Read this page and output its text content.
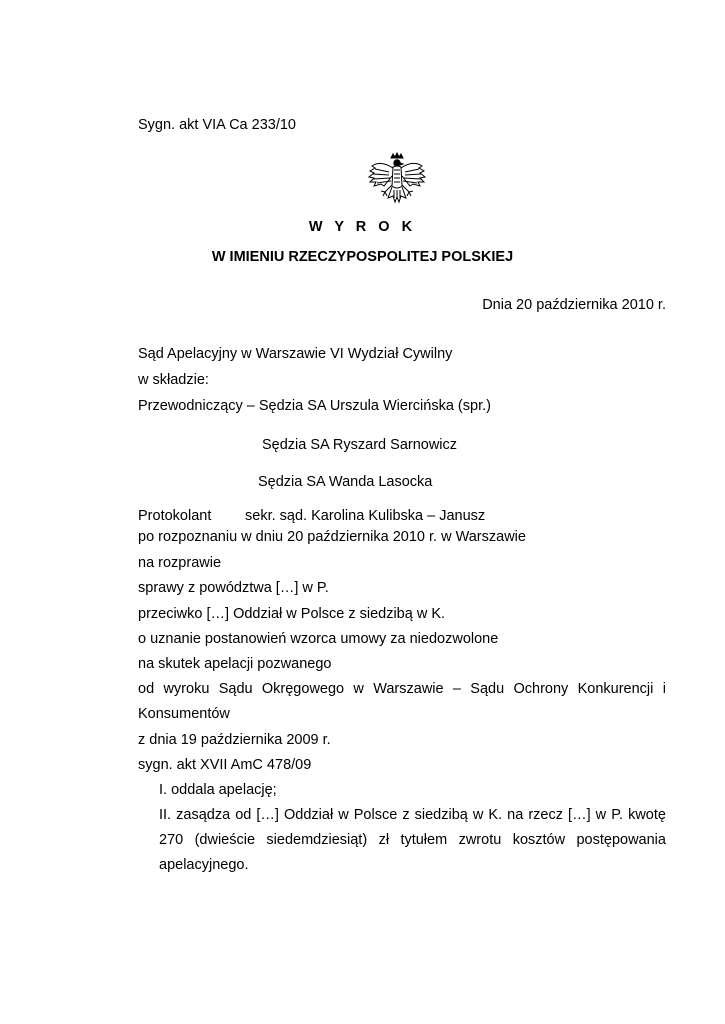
Sygn. akt VIA Ca 233/10
W Y R O K
W IMIENIU RZECZYPOSPOLITEJ POLSKIEJ
Dnia 20 października 2010 r.
Sąd Apelacyjny w Warszawie VI Wydział Cywilny
w składzie:
Przewodniczący – Sędzia SA Urszula Wiercińska (spr.)
Sędzia SA Ryszard Sarnowicz
Sędzia SA Wanda Lasocka
Protokolant sekr. sąd. Karolina Kulibska – Janusz
po rozpoznaniu w dniu 20 października 2010 r. w Warszawie
na rozprawie
sprawy z powództwa […] w P.
przeciwko […] Oddział w Polsce z siedzibą w K.
o uznanie postanowień wzorca umowy za niedozwolone
na skutek apelacji pozwanego
od wyroku Sądu Okręgowego w Warszawie – Sądu Ochrony Konkurencji i
Konsumentów
z dnia 19 października 2009 r.
sygn. akt XVII AmC 478/09
I. oddala apelację;
II. zasądza od […] Oddział w Polsce z siedzibą w K. na rzecz […] w P. kwotę
270 (dwieście siedemdziesiąt) zł tytułem zwrotu kosztów postępowania
apelacyjnego.
